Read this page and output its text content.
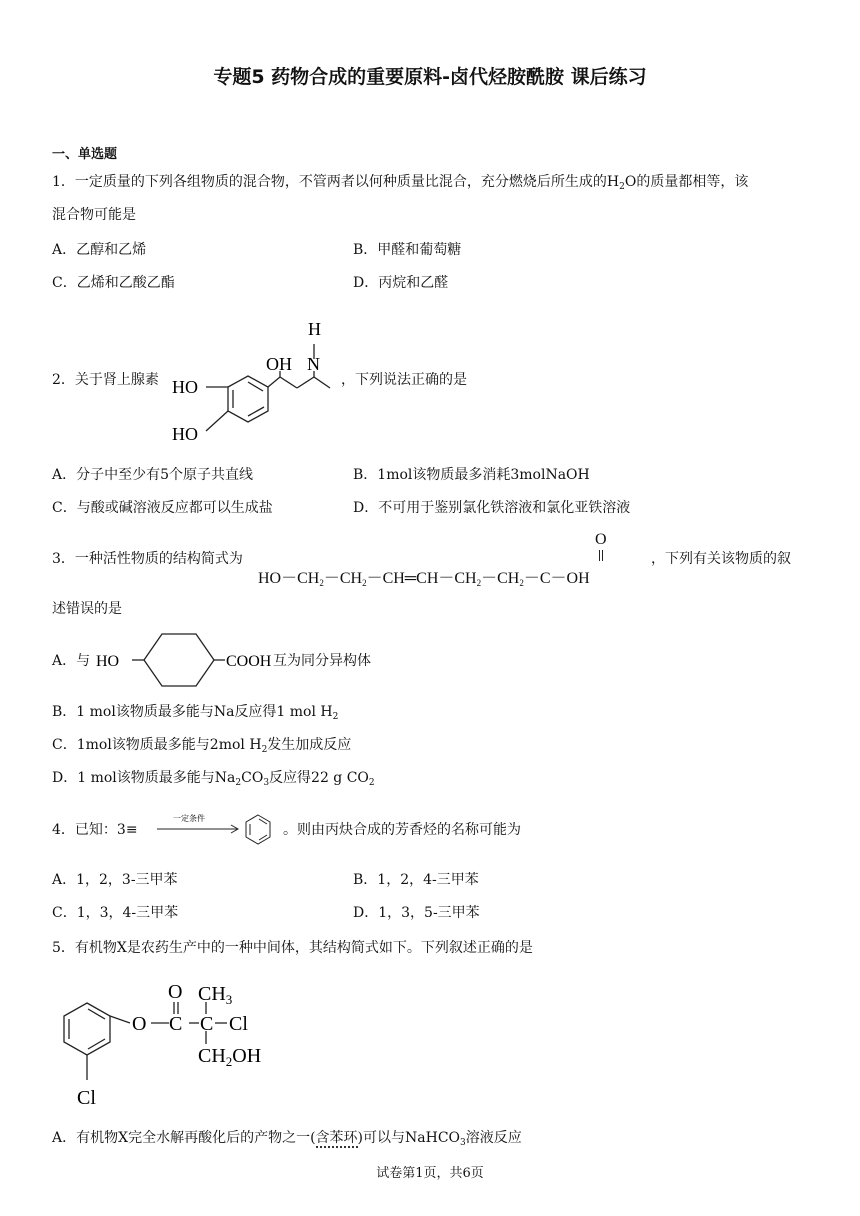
专题5 药物合成的重要原料-卤代烃胺酰胺 课后练习
一、单选题
1．一定质量的下列各组物质的混合物，不管两者以何种质量比混合，充分燃烧后所生成的$H_2O$的质量都相等，该
混合物可能是
A．乙醇和乙烯	B．甲醛和葡萄糖
C．乙烯和乙酸乙酯	D．丙烷和乙醛
2．关于肾上腺素
H
N
OH
HO
HO
，下列说法正确的是
A．分子中至少有5个原子共直线	B．1mol该物质最多消耗3molNaOH
C．与酸或碱溶液反应都可以生成盐	D．不可用于鉴别氯化铁溶液和氯化亚铁溶液
3．一种活性物质的结构简式为
O
$HO-CH_2-CH_2-CH═CH-CH_2-CH_2-C-OH$
，下列有关该物质的叙
述错误的是
A．与 HO	COOH 互为同分异构体
B．1 mol该物质最多能与Na反应得1 mol $H_2$
C．1mol该物质最多能与2mol $H_2$发生加成反应
D．1 mol该物质最多能与$Na_2CO_3$反应得22 g $CO_2$
4．已知：3≡
一定条件
。则由丙炔合成的芳香烃的名称可能为
A．1，2，3-三甲苯	B．1，2，4-三甲苯
C．1，3，4-三甲苯	D．1，3，5-三甲苯
5．有机物X是农药生产中的一种中间体，其结构简式如下。下列叙述正确的是
O $CH_3$
O C C Cl
$CH_2OH$
Cl
A．有机物X完全水解再酸化后的产物之一(含苯环)可以与NaHCO$_3$溶液反应
试卷第1页，共6页
